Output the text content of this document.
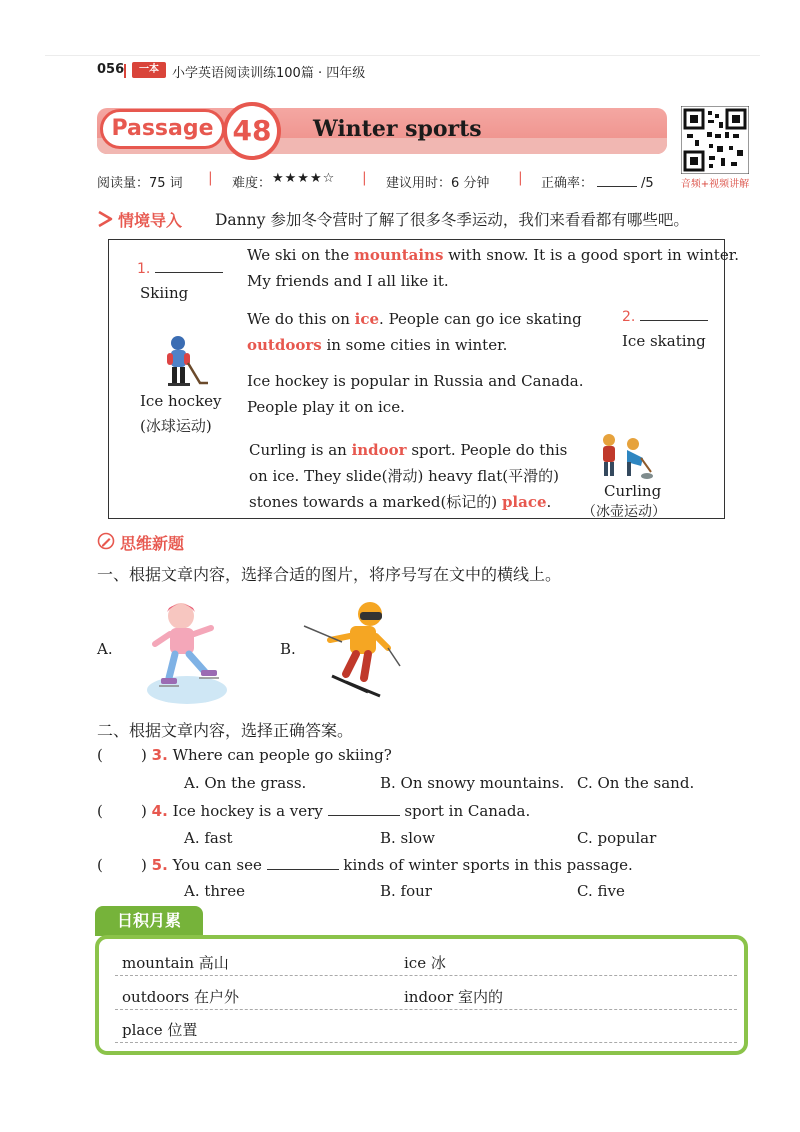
056	一本	小学英语阅读训练100篇 · 四年级
Passage 48	Winter sports
音频+视频讲解
阅读量：75 词 | 难度： ★★★★☆ | 建议用时：6 分钟 | 正确率：	/5
情境导入 Danny 参加冬令营时了解了很多冬季运动，我们来看看都有哪些吧。
1.
Skiing
We ski on the mountains with snow. It is a good sport in winter.
My friends and I all like it.
We do this on ice. People can go ice skating
outdoors in some cities in winter.
2.
Ice skating
Ice hockey
(冰球运动)
Ice hockey is popular in Russia and Canada.
People play it on ice.
Curling is an indoor sport. People do this
on ice. They slide(滑动) heavy flat(平滑的)
stones towards a marked(标记的) place.
Curling
（冰壶运动）
思维新题
一、根据文章内容，选择合适的图片，将序号写在文中的横线上。
A.	B.
二、根据文章内容，选择正确答案。
(        ) 3. Where can people go skiing?
A. On the grass.	B. On snowy mountains. C. On the sand.
(        ) 4. Ice hockey is a very	sport in Canada.
A. fast	B. slow	C. popular
(        ) 5. You can see	kinds of winter sports in this passage.
A. three	B. four	C. five
日积月累
mountain 高山	ice 冰
outdoors 在户外	indoor 室内的
place 位置
